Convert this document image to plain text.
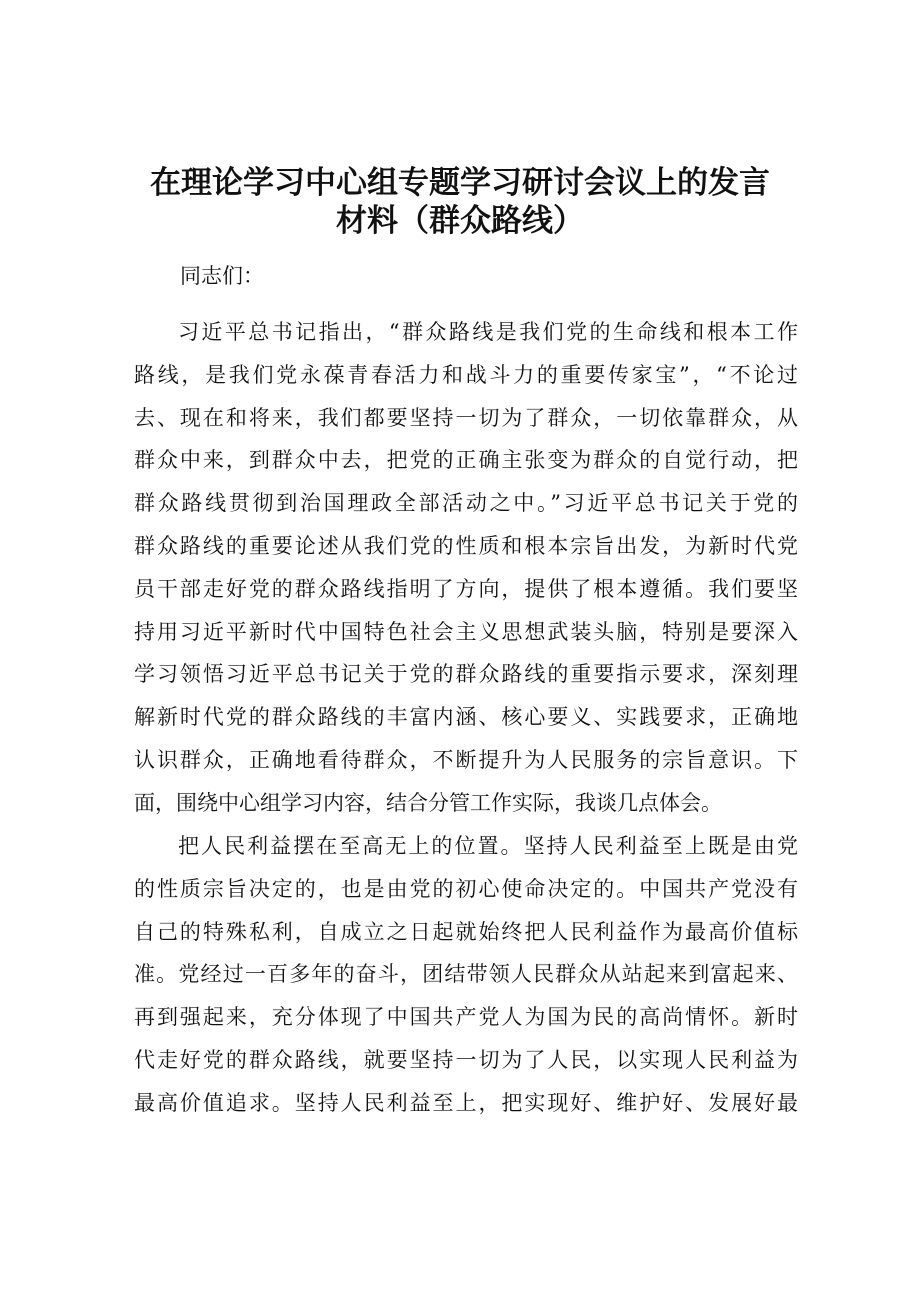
在理论学习中心组专题学习研讨会议上的发言
材料（群众路线）

同志们：

习近平总书记指出，“群众路线是我们党的生命线和根本工作
路线，是我们党永葆青春活力和战斗力的重要传家宝”，“不论过
去、现在和将来，我们都要坚持一切为了群众，一切依靠群众，从
群众中来，到群众中去，把党的正确主张变为群众的自觉行动，把
群众路线贯彻到治国理政全部活动之中。”习近平总书记关于党的
群众路线的重要论述从我们党的性质和根本宗旨出发，为新时代党
员干部走好党的群众路线指明了方向，提供了根本遵循。我们要坚
持用习近平新时代中国特色社会主义思想武装头脑，特别是要深入
学习领悟习近平总书记关于党的群众路线的重要指示要求，深刻理
解新时代党的群众路线的丰富内涵、核心要义、实践要求，正确地
认识群众，正确地看待群众，不断提升为人民服务的宗旨意识。下
面，围绕中心组学习内容，结合分管工作实际，我谈几点体会。
把人民利益摆在至高无上的位置。坚持人民利益至上既是由党
的性质宗旨决定的，也是由党的初心使命决定的。中国共产党没有
自己的特殊私利，自成立之日起就始终把人民利益作为最高价值标
准。党经过一百多年的奋斗，团结带领人民群众从站起来到富起来、
再到强起来，充分体现了中国共产党人为国为民的高尚情怀。新时
代走好党的群众路线，就要坚持一切为了人民，以实现人民利益为
最高价值追求。坚持人民利益至上，把实现好、维护好、发展好最
